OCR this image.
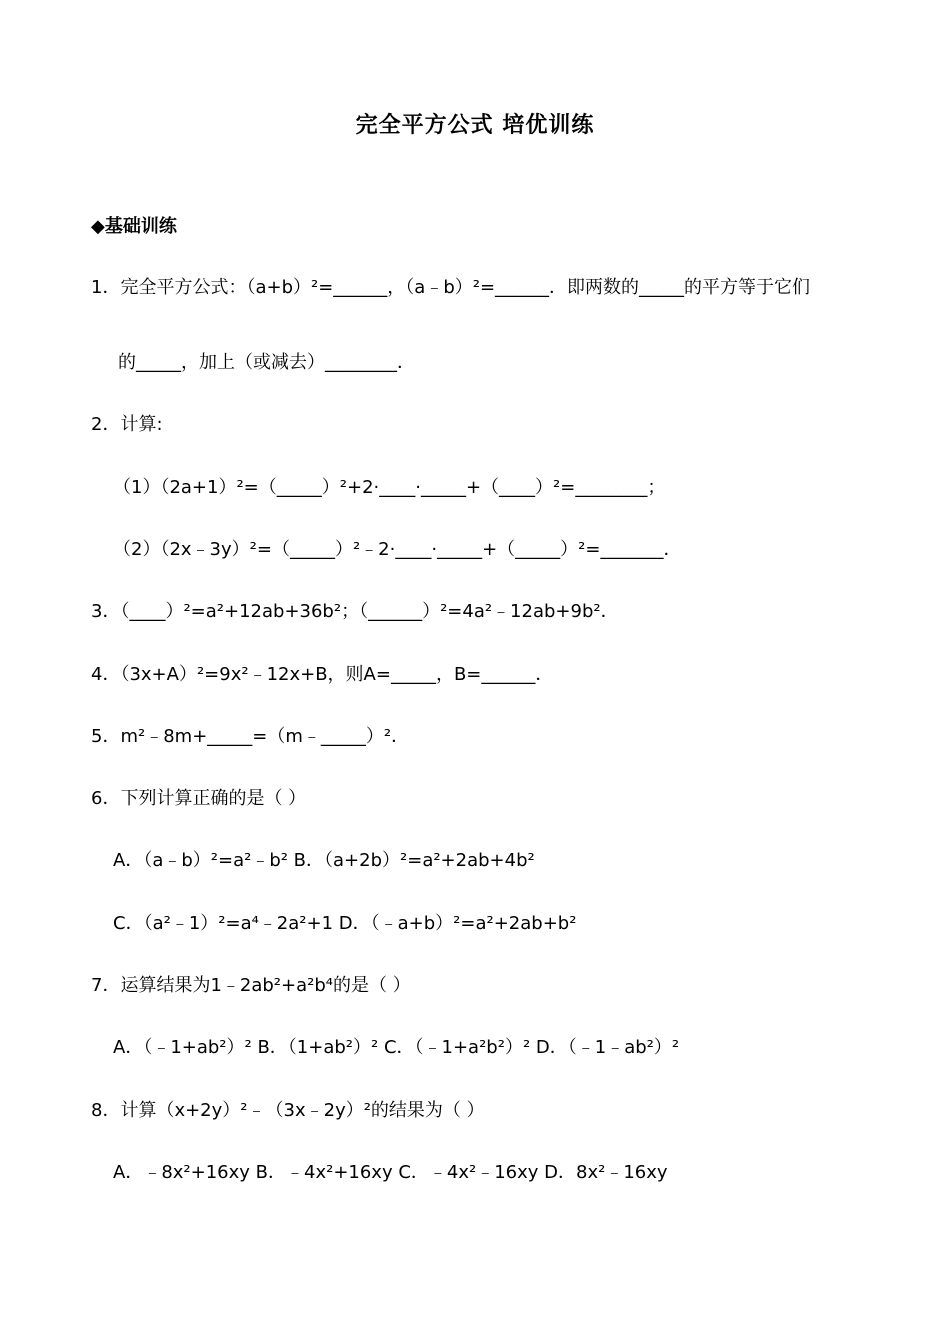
完全平方公式 培优训练
◆基础训练
1．完全平方公式：（a+b）²=______，（a﹣b）²=______．即两数的_____的平方等于它们
的_____，加上（或减去）________．
2．计算:
（1）（2a+1）²=（_____）²+2·____·_____+（____）²=________；
（2）（2x﹣3y）²=（_____）²﹣2·____·_____+（_____）²=_______．
3．（____）²=a²+12ab+36b²；（______）²=4a²﹣12ab+9b²．
4．（3x+A）²=9x²﹣12x+B，则A=_____，B=______．
5．m²﹣8m+_____=（m﹣_____）²．
6．下列计算正确的是（ ）
A．（a﹣b）²=a²﹣b² B．（a+2b）²=a²+2ab+4b²
C．（a²﹣1）²=a⁴﹣2a²+1 D．（﹣a+b）²=a²+2ab+b²
7．运算结果为1﹣2ab²+a²b⁴的是（ ）
A．（﹣1+ab²）² B．（1+ab²）² C．（﹣1+a²b²）² D．（﹣1﹣ab²）²
8．计算（x+2y）²﹣（3x﹣2y）²的结果为（ ）
A．﹣8x²+16xy B．﹣4x²+16xy C．﹣4x²﹣16xy D．8x²﹣16xy
